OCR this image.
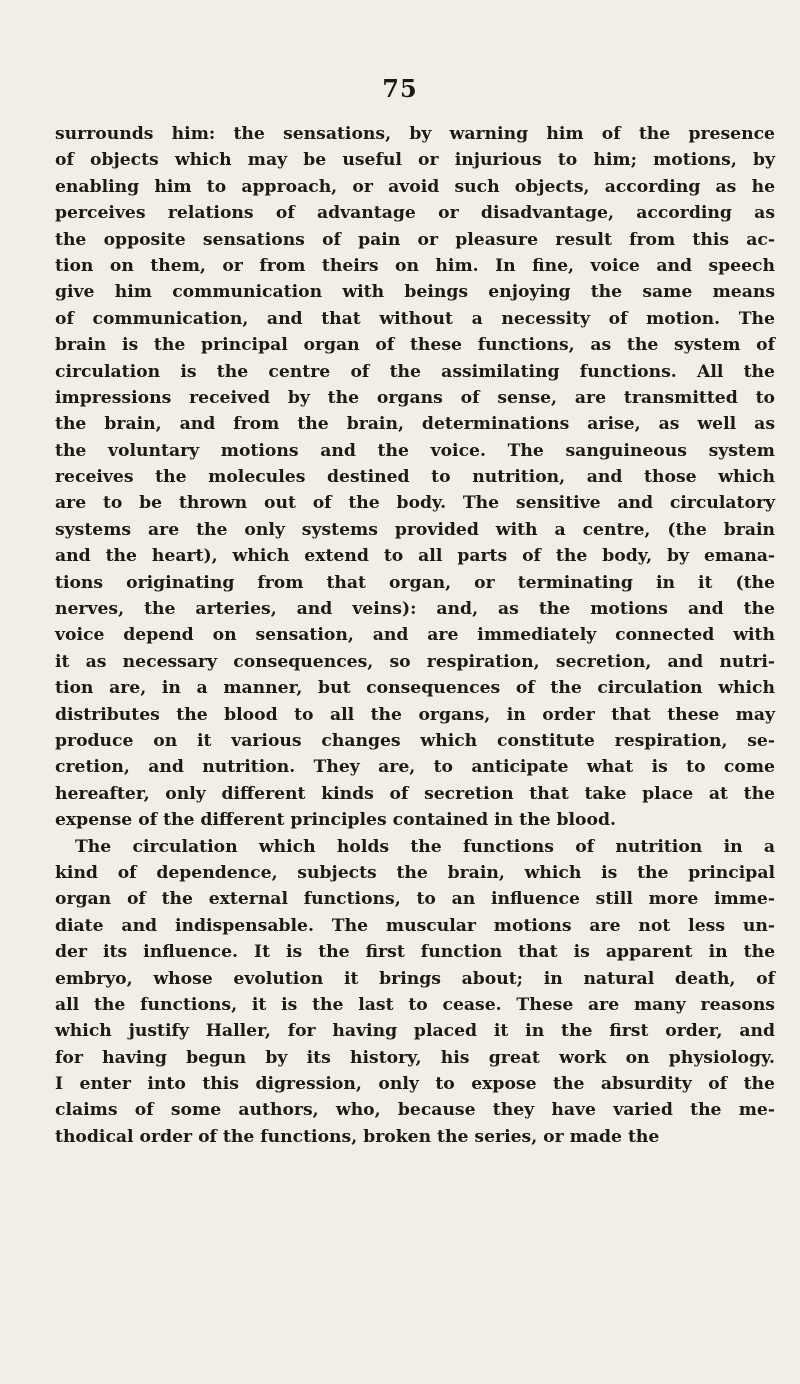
75
surrounds him: the sensations, by warning him of the presence
of objects which may be useful or injurious to him; motions, by
enabling him to approach, or avoid such objects, according as he
perceives relations of advantage or disadvantage, according as
the opposite sensations of pain or pleasure result from this ac-
tion on them, or from theirs on him. In fine, voice and speech
give him communication with beings enjoying the same means
of communication, and that without a necessity of motion. The
brain is the principal organ of these functions, as the system of
circulation is the centre of the assimilating functions. All the
impressions received by the organs of sense, are transmitted to
the brain, and from the brain, determinations arise, as well as
the voluntary motions and the voice. The sanguineous system
receives the molecules destined to nutrition, and those which
are to be thrown out of the body. The sensitive and circulatory
systems are the only systems provided with a centre, (the brain
and the heart), which extend to all parts of the body, by emana-
tions originating from that organ, or terminating in it (the
nerves, the arteries, and veins): and, as the motions and the
voice depend on sensation, and are immediately connected with
it as necessary consequences, so respiration, secretion, and nutri-
tion are, in a manner, but consequences of the circulation which
distributes the blood to all the organs, in order that these may
produce on it various changes which constitute respiration, se-
cretion, and nutrition. They are, to anticipate what is to come
hereafter, only different kinds of secretion that take place at the
expense of the different principles contained in the blood.
The circulation which holds the functions of nutrition in a
kind of dependence, subjects the brain, which is the principal
organ of the external functions, to an influence still more imme-
diate and indispensable. The muscular motions are not less un-
der its influence. It is the first function that is apparent in the
embryo, whose evolution it brings about; in natural death, of
all the functions, it is the last to cease. These are many reasons
which justify Haller, for having placed it in the first order, and
for having begun by its history, his great work on physiology.
I enter into this digression, only to expose the absurdity of the
claims of some authors, who, because they have varied the me-
thodical order of the functions, broken the series, or made the
